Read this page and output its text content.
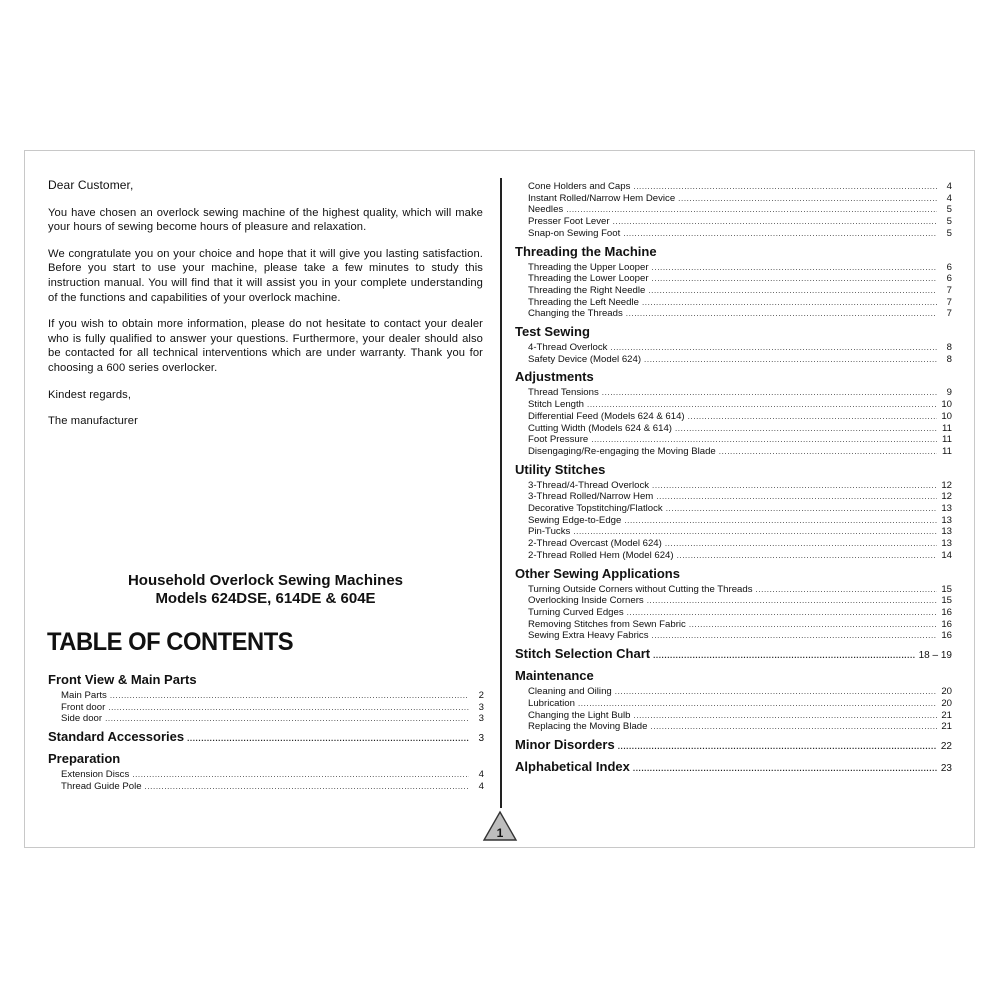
Dear Customer,

You have chosen an overlock sewing machine of the highest quality, which will make your hours of sewing become hours of pleasure and relaxation.

We congratulate you on your choice and hope that it will give you lasting satisfaction. Before you start to use your machine, please take a few minutes to study this instruction manual. You will find that it will assist you in your complete understanding of the functions and capabilities of your overlock machine.

If you wish to obtain more information, please do not hesitate to contact your dealer who is fully qualified to answer your questions. Furthermore, your dealer should also be contacted for all technical interventions which are under warranty. Thank you for choosing a 600 series overlocker.

Kindest regards,

The manufacturer

Household Overlock Sewing Machines
Models 624DSE, 614DE & 604E
TABLE OF CONTENTS
Front View & Main Parts
Main Parts .....	2
Front door .....	3
Side door .....	3
Standard Accessories .....	3
Preparation
Extension Discs .....	4
Thread Guide Pole .....	4
Cone Holders and Caps .....	4
Instant Rolled/Narrow Hem Device .....	4
Needles .....	5
Presser Foot Lever .....	5
Snap-on Sewing Foot .....	5
Threading the Machine
Threading the Upper Looper .....	6
Threading the Lower Looper .....	6
Threading the Right Needle .....	7
Threading the Left Needle .....	7
Changing the Threads .....	7
Test Sewing
4-Thread Overlock .....	8
Safety Device (Model 624) .....	8
Adjustments
Thread Tensions .....	9
Stitch Length .....	10
Differential Feed (Models 624 & 614) .....	10
Cutting Width (Models 624 & 614) .....	11
Foot Pressure .....	11
Disengaging/Re-engaging the Moving Blade .....	11
Utility Stitches
3-Thread/4-Thread Overlock .....	12
3-Thread Rolled/Narrow Hem .....	12
Decorative Topstitching/Flatlock .....	13
Sewing Edge-to-Edge .....	13
Pin-Tucks .....	13
2-Thread Overcast (Model 624) .....	13
2-Thread Rolled Hem (Model 624) .....	14
Other Sewing Applications
Turning Outside Corners without Cutting the Threads .....	15
Overlocking Inside Corners .....	15
Turning Curved Edges .....	16
Removing Stitches from Sewn Fabric .....	16
Sewing Extra Heavy Fabrics .....	16
Stitch Selection Chart .....	18 – 19
Maintenance
Cleaning and Oiling .....	20
Lubrication .....	20
Changing the Light Bulb .....	21
Replacing the Moving Blade .....	21
Minor Disorders .....	22
Alphabetical Index .....	23
1
